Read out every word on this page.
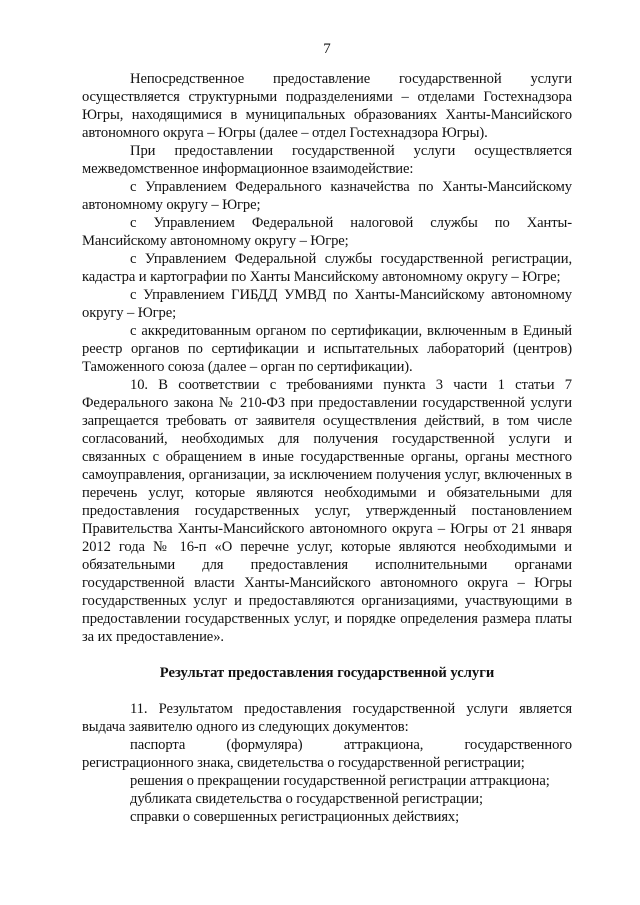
7

Непосредственное предоставление государственной услуги осуществляется структурными подразделениями – отделами Гостехнадзора Югры, находящимися в муниципальных образованиях Ханты-Мансийского автономного округа – Югры (далее – отдел Гостехнадзора Югры).

При предоставлении государственной услуги осуществляется межведомственное информационное взаимодействие:

с Управлением Федерального казначейства по Ханты-Мансийскому автономному округу – Югре;

с Управлением Федеральной налоговой службы по Ханты-Мансийскому автономному округу – Югре;

с Управлением Федеральной службы государственной регистрации, кадастра и картографии по Ханты Мансийскому автономному округу – Югре;

с Управлением ГИБДД УМВД по Ханты-Мансийскому автономному округу – Югре;

с аккредитованным органом по сертификации, включенным в Единый реестр органов по сертификации и испытательных лабораторий (центров) Таможенного союза (далее – орган по сертификации).

10. В соответствии с требованиями пункта 3 части 1 статьи 7 Федерального закона № 210-ФЗ при предоставлении государственной услуги запрещается требовать от заявителя осуществления действий, в том числе согласований, необходимых для получения государственной услуги и связанных с обращением в иные государственные органы, органы местного самоуправления, организации, за исключением получения услуг, включенных в перечень услуг, которые являются необходимыми и обязательными для предоставления государственных услуг, утвержденный постановлением Правительства Ханты-Мансийского автономного округа – Югры от 21 января 2012 года № 16-п «О перечне услуг, которые являются необходимыми и обязательными для предоставления исполнительными органами государственной власти Ханты-Мансийского автономного округа – Югры государственных услуг и предоставляются организациями, участвующими в предоставлении государственных услуг, и порядке определения размера платы за их предоставление».

Результат предоставления государственной услуги

11. Результатом предоставления государственной услуги является выдача заявителю одного из следующих документов:

паспорта (формуляра) аттракциона, государственного регистрационного знака, свидетельства о государственной регистрации;

решения о прекращении государственной регистрации аттракциона;

дубликата свидетельства о государственной регистрации;

справки о совершенных регистрационных действиях;
